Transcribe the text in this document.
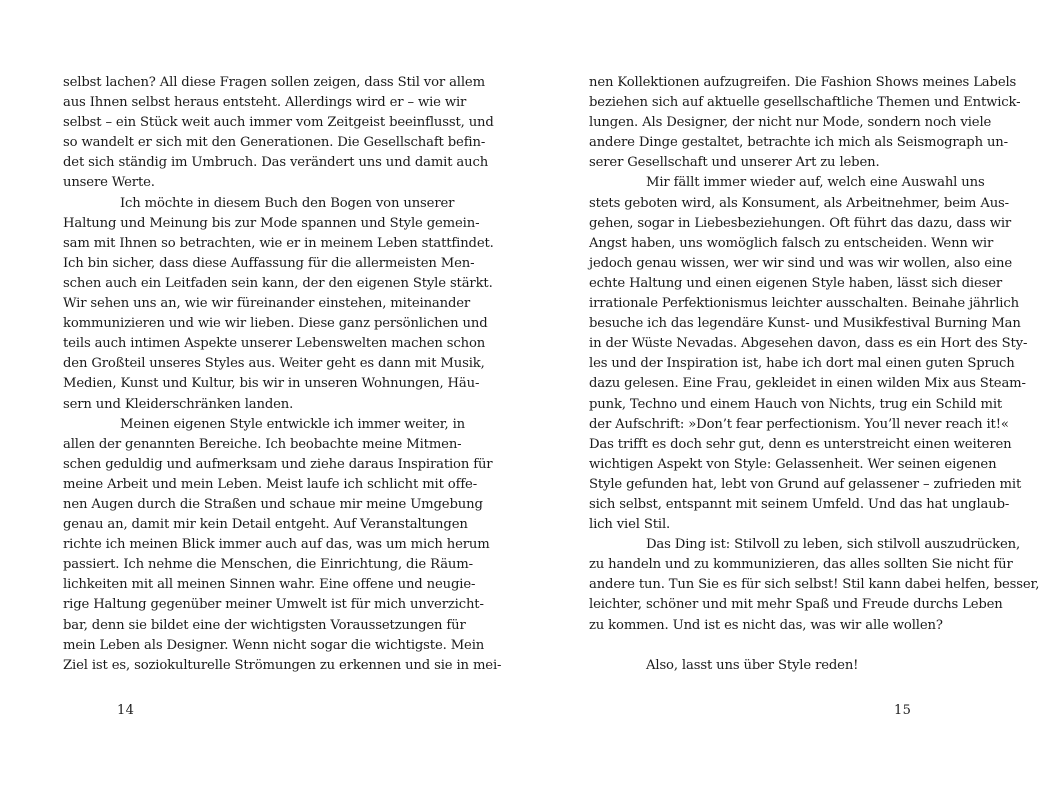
selbst lachen? All diese Fragen sollen zeigen, dass Stil vor allem
aus Ihnen selbst heraus entsteht. Allerdings wird er – wie wir
selbst – ein Stück weit auch immer vom Zeitgeist beeinflusst, und
so wandelt er sich mit den Generationen. Die Gesellschaft befin-
det sich ständig im Umbruch. Das verändert uns und damit auch
unsere Werte.
Ich möchte in diesem Buch den Bogen von unserer
Haltung und Meinung bis zur Mode spannen und Style gemein-
sam mit Ihnen so betrachten, wie er in meinem Leben stattfindet.
Ich bin sicher, dass diese Auffassung für die allermeisten Men-
schen auch ein Leitfaden sein kann, der den eigenen Style stärkt.
Wir sehen uns an, wie wir füreinander einstehen, miteinander
kommunizieren und wie wir lieben. Diese ganz persönlichen und
teils auch intimen Aspekte unserer Lebenswelten machen schon
den Großteil unseres Styles aus. Weiter geht es dann mit Musik,
Medien, Kunst und Kultur, bis wir in unseren Wohnungen, Häu-
sern und Kleiderschränken landen.
Meinen eigenen Style entwickle ich immer weiter, in
allen der genannten Bereiche. Ich beobachte meine Mitmen-
schen geduldig und aufmerksam und ziehe daraus Inspiration für
meine Arbeit und mein Leben. Meist laufe ich schlicht mit offe-
nen Augen durch die Straßen und schaue mir meine Umgebung
genau an, damit mir kein Detail entgeht. Auf Veranstaltungen
richte ich meinen Blick immer auch auf das, was um mich herum
passiert. Ich nehme die Menschen, die Einrichtung, die Räum-
lichkeiten mit all meinen Sinnen wahr. Eine offene und neugie-
rige Haltung gegenüber meiner Umwelt ist für mich unverzicht-
bar, denn sie bildet eine der wichtigsten Voraussetzungen für
mein Leben als Designer. Wenn nicht sogar die wichtigste. Mein
Ziel ist es, soziokulturelle Strömungen zu erkennen und sie in mei-
14
nen Kollektionen aufzugreifen. Die Fashion Shows meines Labels
beziehen sich auf aktuelle gesellschaftliche Themen und Entwick-
lungen. Als Designer, der nicht nur Mode, sondern noch viele
andere Dinge gestaltet, betrachte ich mich als Seismograph un-
serer Gesellschaft und unserer Art zu leben.
Mir fällt immer wieder auf, welch eine Auswahl uns
stets geboten wird, als Konsument, als Arbeitnehmer, beim Aus-
gehen, sogar in Liebesbeziehungen. Oft führt das dazu, dass wir
Angst haben, uns womöglich falsch zu entscheiden. Wenn wir
jedoch genau wissen, wer wir sind und was wir wollen, also eine
echte Haltung und einen eigenen Style haben, lässt sich dieser
irrationale Perfektionismus leichter ausschalten. Beinahe jährlich
besuche ich das legendäre Kunst- und Musikfestival Burning Man
in der Wüste Nevadas. Abgesehen davon, dass es ein Hort des Sty-
les und der Inspiration ist, habe ich dort mal einen guten Spruch
dazu gelesen. Eine Frau, gekleidet in einen wilden Mix aus Steam-
punk, Techno und einem Hauch von Nichts, trug ein Schild mit
der Aufschrift: »Don’t fear perfectionism. You’ll never reach it!«
Das trifft es doch sehr gut, denn es unterstreicht einen weiteren
wichtigen Aspekt von Style: Gelassenheit. Wer seinen eigenen
Style gefunden hat, lebt von Grund auf gelassener – zufrieden mit
sich selbst, entspannt mit seinem Umfeld. Und das hat unglaub-
lich viel Stil.
Das Ding ist: Stilvoll zu leben, sich stilvoll auszudrücken,
zu handeln und zu kommunizieren, das alles sollten Sie nicht für
andere tun. Tun Sie es für sich selbst! Stil kann dabei helfen, besser,
leichter, schöner und mit mehr Spaß und Freude durchs Leben
zu kommen. Und ist es nicht das, was wir alle wollen?
Also, lasst uns über Style reden!
15
